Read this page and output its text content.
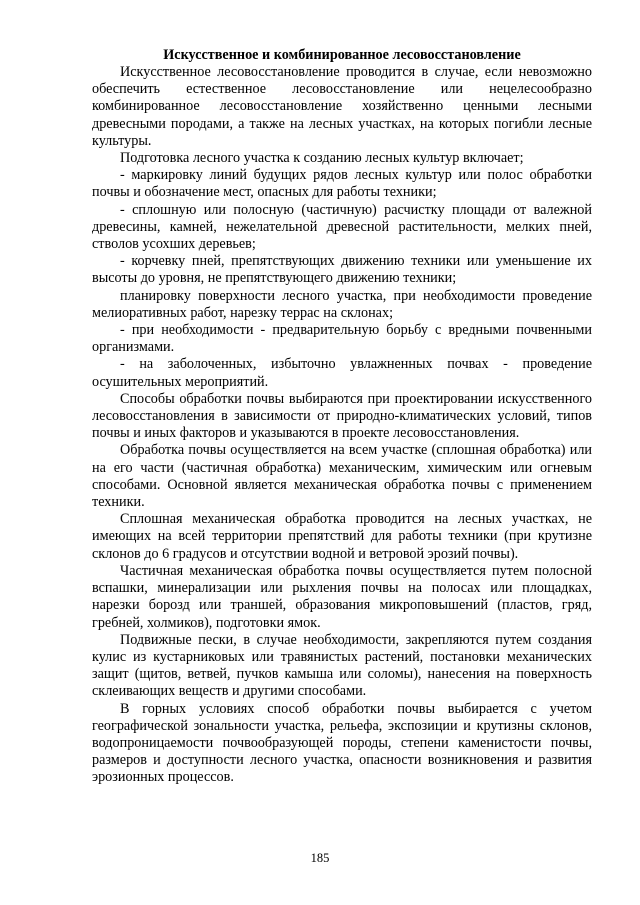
Искусственное и комбинированное лесовосстановление

Искусственное лесовосстановление проводится в случае, если невозможно обеспечить естественное лесовосстановление или нецелесообразно комбинированное лесовосстановление хозяйственно ценными лесными древесными породами, а также на лесных участках, на которых погибли лесные культуры.

Подготовка лесного участка к созданию лесных культур включает;

- маркировку линий будущих рядов лесных культур или полос обработки почвы и обозначение мест, опасных для работы техники;

- сплошную или полосную (частичную) расчистку площади от валежной древесины, камней, нежелательной древесной растительности, мелких пней, стволов усохших деревьев;

- корчевку пней, препятствующих движению техники или уменьшение их высоты до уровня, не препятствующего движению техники;

планировку поверхности лесного участка, при необходимости проведение мелиоративных работ, нарезку террас на склонах;

- при необходимости - предварительную борьбу с вредными почвенными организмами.

- на заболоченных, избыточно увлажненных почвах - проведение осушительных мероприятий.

Способы обработки почвы выбираются при проектировании искусственного лесовосстановления в зависимости от природно-климатических условий, типов почвы и иных факторов и указываются в проекте лесовосстановления.

Обработка почвы осуществляется на всем участке (сплошная обработка) или на его части (частичная обработка) механическим, химическим или огневым способами. Основной является механическая обработка почвы с применением техники.

Сплошная механическая обработка проводится на лесных участках, не имеющих на всей территории препятствий для работы техники (при крутизне склонов до 6 градусов и отсутствии водной и ветровой эрозий почвы).

Частичная механическая обработка почвы осуществляется путем полосной вспашки, минерализации или рыхления почвы на полосах или площадках, нарезки борозд или траншей, образования микроповышений (пластов, гряд, гребней, холмиков), подготовки ямок.

Подвижные пески, в случае необходимости, закрепляются путем создания кулис из кустарниковых или травянистых растений, постановки механических защит (щитов, ветвей, пучков камыша или соломы), нанесения на поверхность склеивающих веществ и другими способами.

В горных условиях способ обработки почвы выбирается с учетом географической зональности участка, рельефа, экспозиции и крутизны склонов, водопроницаемости почвообразующей породы, степени каменистости почвы, размеров и доступности лесного участка, опасности возникновения и развития эрозионных процессов.

185
